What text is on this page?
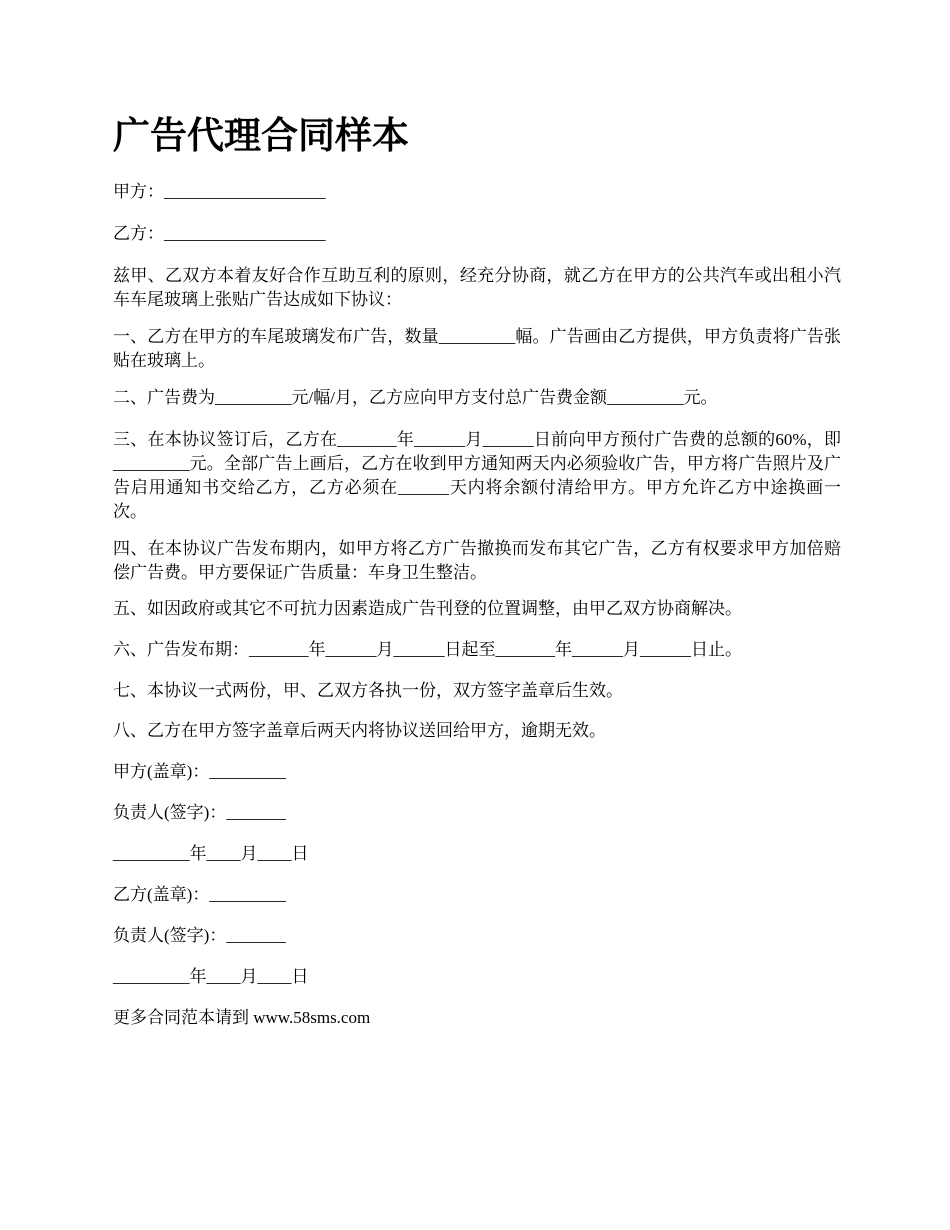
广告代理合同样本

甲方：___________________

乙方：___________________

兹甲、乙双方本着友好合作互助互利的原则，经充分协商，就乙方在甲方的公共汽车或出租小汽车车尾玻璃上张贴广告达成如下协议：

一、乙方在甲方的车尾玻璃发布广告，数量_________幅。广告画由乙方提供，甲方负责将广告张贴在玻璃上。

二、广告费为_________元/幅/月，乙方应向甲方支付总广告费金额_________元。

三、在本协议签订后，乙方在_______年______月______日前向甲方预付广告费的总额的60%，即_________元。全部广告上画后，乙方在收到甲方通知两天内必须验收广告，甲方将广告照片及广告启用通知书交给乙方，乙方必须在______天内将余额付清给甲方。甲方允许乙方中途换画一次。

四、在本协议广告发布期内，如甲方将乙方广告撤换而发布其它广告，乙方有权要求甲方加倍赔偿广告费。甲方要保证广告质量：车身卫生整洁。

五、如因政府或其它不可抗力因素造成广告刊登的位置调整，由甲乙双方协商解决。

六、广告发布期：_______年______月______日起至_______年______月______日止。

七、本协议一式两份，甲、乙双方各执一份，双方签字盖章后生效。

八、乙方在甲方签字盖章后两天内将协议送回给甲方，逾期无效。

甲方(盖章)：_________

负责人(签字)：_______

_________年____月____日

乙方(盖章)：_________

负责人(签字)：_______

_________年____月____日

更多合同范本请到 www.58sms.com
